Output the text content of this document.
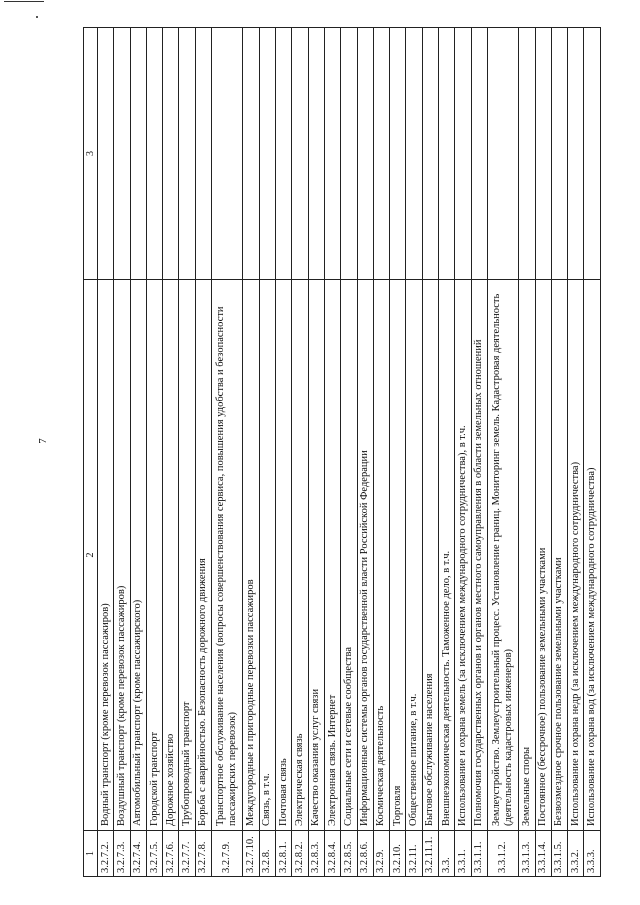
7
1	2	3
3.2.7.2.	Водный транспорт (кроме перевозок пассажиров)	
3.2.7.3.	Воздушный транспорт (кроме перевозок пассажиров)	
3.2.7.4.	Автомобильный транспорт (кроме пассажирского)	
3.2.7.5.	Городской транспорт	
3.2.7.6.	Дорожное хозяйство	
3.2.7.7.	Трубопроводный транспорт	
3.2.7.8.	Борьба с аварийностью. Безопасность дорожного движения	
3.2.7.9.	Транспортное обслуживание населения (вопросы совершенствования сервиса, повышения удобства и безопасности пассажирских перевозок)	
3.2.7.10.	Междугородные и пригородные перевозки пассажиров	
3.2.8.	Связь, в т.ч.	
3.2.8.1.	Почтовая связь	
3.2.8.2.	Электрическая связь	
3.2.8.3.	Качество оказания услуг связи	
3.2.8.4.	Электронная связь. Интернет	
3.2.8.5.	Социальные сети и сетевые сообщества	
3.2.8.6.	Информационные системы органов государственной власти Российской Федерации	
3.2.9.	Космическая деятельность	
3.2.10.	Торговля	
3.2.11.	Общественное питание, в т.ч.	
3.2.11.1.	Бытовое обслуживание населения	
3.3.	Внешнеэкономическая деятельность. Таможенное дело, в т.ч.	
3.3.1.	Использование и охрана земель (за исключением международного сотрудничества), в т.ч.	
3.3.1.1.	Полномочия государственных органов и органов местного самоуправления в области земельных отношений	
3.3.1.2.	Землеустройство. Землеустроительный процесс. Установление границ. Мониторинг земель. Кадастровая деятельность (деятельность кадастровых инженеров)	
3.3.1.3.	Земельные споры	
3.3.1.4.	Постоянное (бессрочное) пользование земельными участками	
3.3.1.5.	Безвозмездное срочное пользование земельными участками	
3.3.2.	Использование и охрана недр (за исключением международного сотрудничества)	
3.3.3.	Использование и охрана вод (за исключением международного сотрудничества)	
